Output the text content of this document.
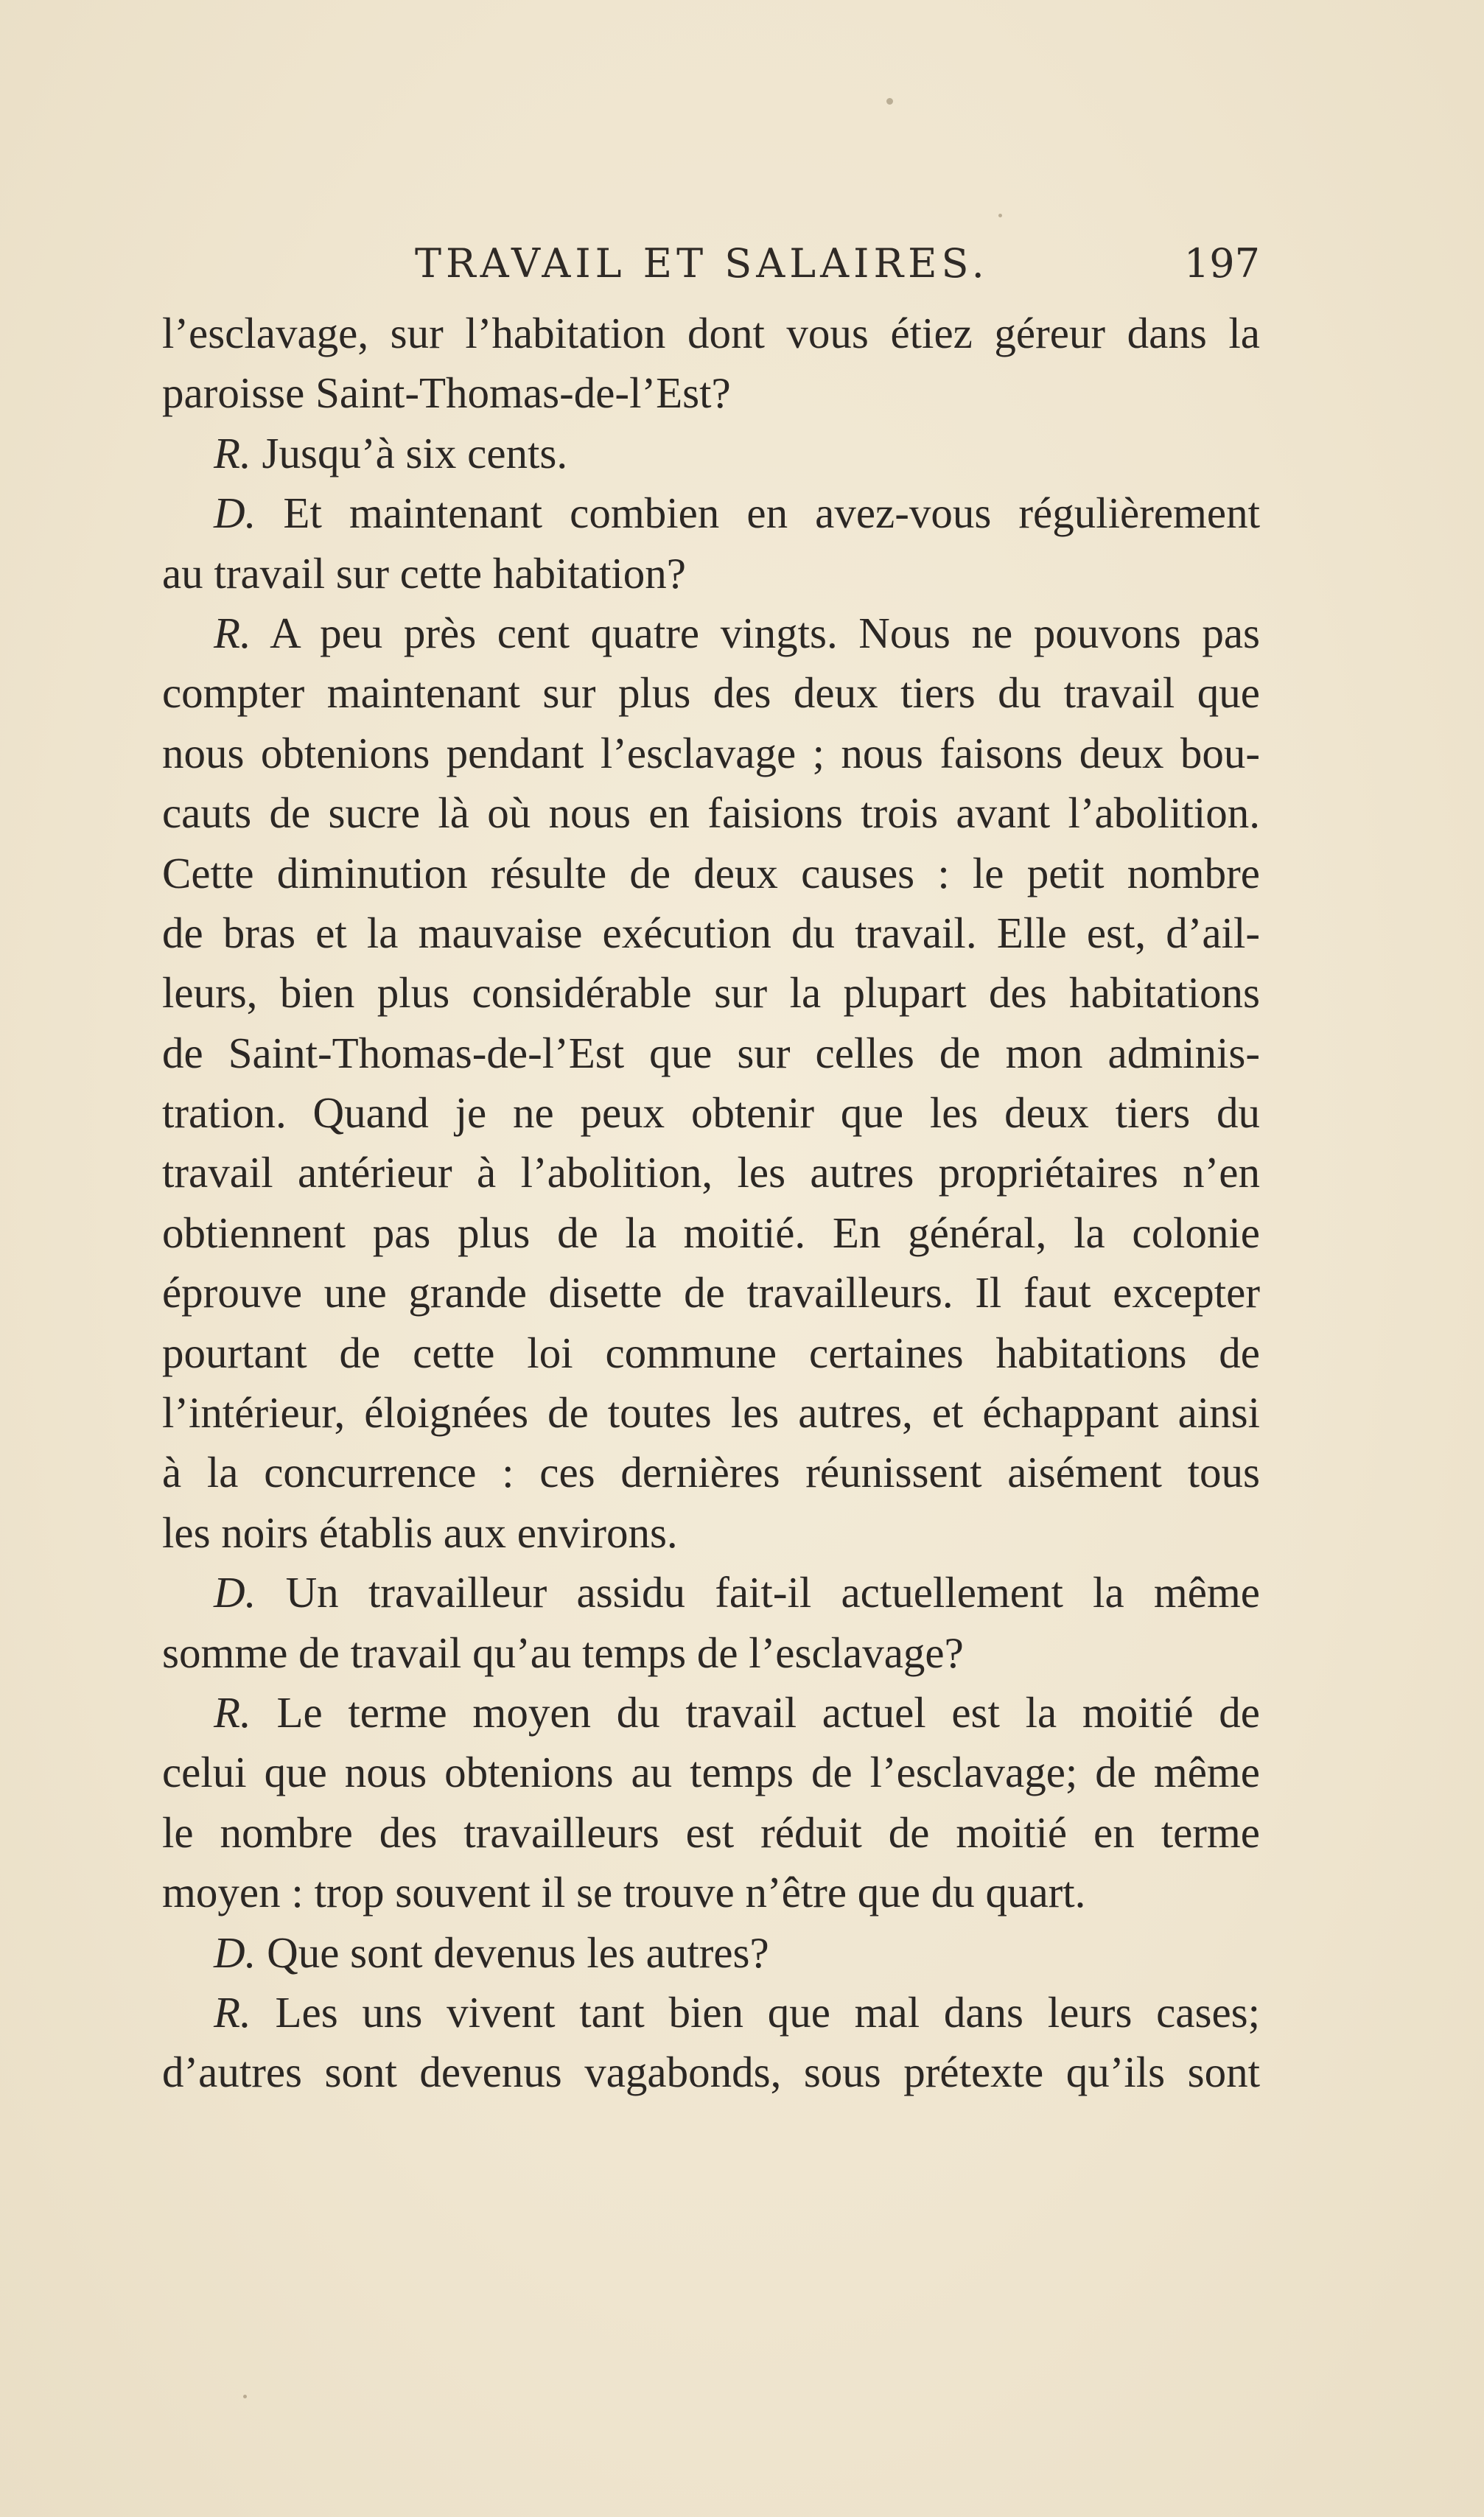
TRAVAIL ET SALAIRES.	197
l’esclavage, sur l’habitation dont vous étiez géreur dans la
paroisse Saint-Thomas-de-l’Est?
R. Jusqu’à six cents.
D. Et maintenant combien en avez-vous régulièrement
au travail sur cette habitation?
R. A peu près cent quatre vingts. Nous ne pouvons pas
compter maintenant sur plus des deux tiers du travail que
nous obtenions pendant l’esclavage ; nous faisons deux bou-
cauts de sucre là où nous en faisions trois avant l’abolition.
Cette diminution résulte de deux causes : le petit nombre
de bras et la mauvaise exécution du travail. Elle est, d’ail-
leurs, bien plus considérable sur la plupart des habitations
de Saint-Thomas-de-l’Est que sur celles de mon adminis-
tration. Quand je ne peux obtenir que les deux tiers du
travail antérieur à l’abolition, les autres propriétaires n’en
obtiennent pas plus de la moitié. En général, la colonie
éprouve une grande disette de travailleurs. Il faut excepter
pourtant de cette loi commune certaines habitations de
l’intérieur, éloignées de toutes les autres, et échappant ainsi
à la concurrence : ces dernières réunissent aisément tous
les noirs établis aux environs.
D. Un travailleur assidu fait-il actuellement la même
somme de travail qu’au temps de l’esclavage?
R. Le terme moyen du travail actuel est la moitié de
celui que nous obtenions au temps de l’esclavage; de même
le nombre des travailleurs est réduit de moitié en terme
moyen : trop souvent il se trouve n’être que du quart.
D. Que sont devenus les autres?
R. Les uns vivent tant bien que mal dans leurs cases;
d’autres sont devenus vagabonds, sous prétexte qu’ils sont
